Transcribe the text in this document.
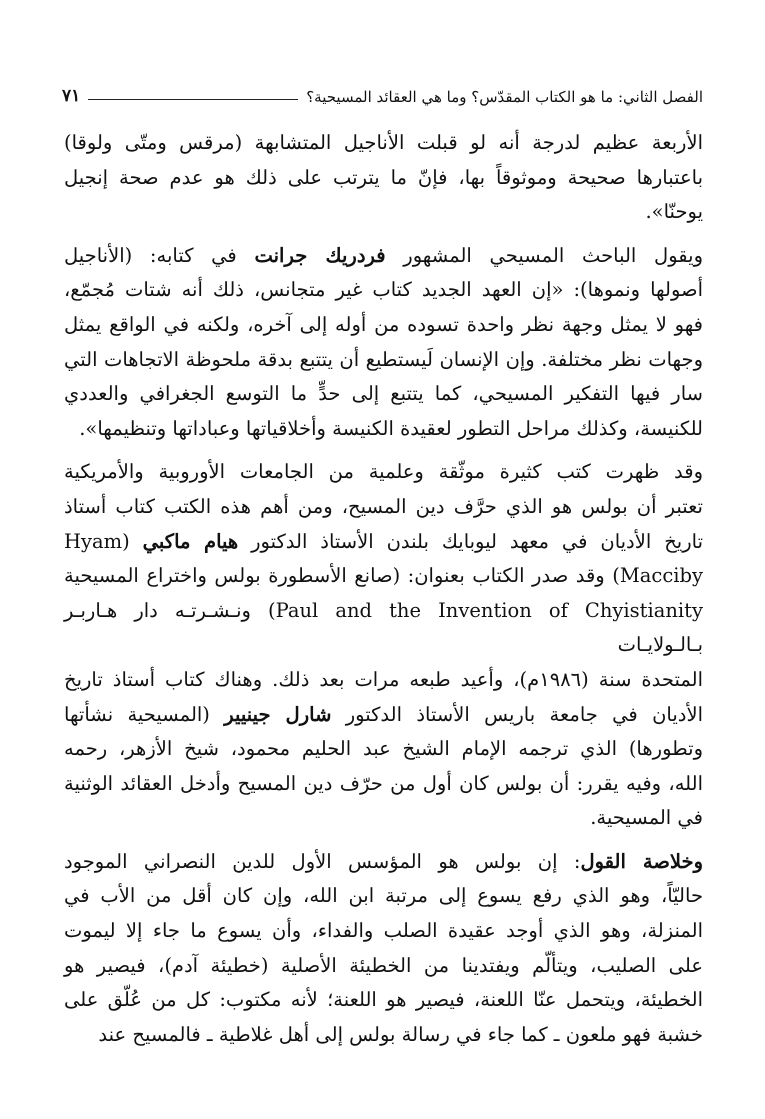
الفصل الثاني: ما هو الكتاب المقدّس؟ وما هي العقائد المسيحية؟
٧١
الأربعة عظيم لدرجة أنه لو قبلت الأناجيل المتشابهة (مرقس ومتّى ولوقا)
باعتبارها صحيحة وموثوقاً بها، فإنّ ما يترتب على ذلك هو عدم صحة إنجيل
يوحنّا».
ويقول الباحث المسيحي المشهور فردريك جرانت في كتابه: (الأناجيل
أصولها ونموها): «إن العهد الجديد كتاب غير متجانس، ذلك أنه شتات مُجمّع،
فهو لا يمثل وجهة نظر واحدة تسوده من أوله إلى آخره، ولكنه في الواقع يمثل
وجهات نظر مختلفة. وإن الإنسان لَيستطيع أن يتتبع بدقة ملحوظة الاتجاهات التي
سار فيها التفكير المسيحي، كما يتتبع إلى حدٍّ ما التوسع الجغرافي والعددي
للكنيسة، وكذلك مراحل التطور لعقيدة الكنيسة وأخلاقياتها وعباداتها وتنظيمها».
وقد ظهرت كتب كثيرة موثّقة وعلمية من الجامعات الأوروبية والأمريكية
تعتبر أن بولس هو الذي حرَّف دين المسيح، ومن أهم هذه الكتب كتاب أستاذ
تاريخ الأديان في معهد ليوبايك بلندن الأستاذ الدكتور هيام ماكبي (Hyam
Macciby) وقد صدر الكتاب بعنوان: (صانع الأسطورة بولس واختراع المسيحية
Paul and the Invention of Chyistianity) ونـشـرتـه دار هـاربـر بـالـولايـات
المتحدة سنة (١٩٨٦م)، وأعيد طبعه مرات بعد ذلك. وهناك كتاب أستاذ تاريخ
الأديان في جامعة باريس الأستاذ الدكتور شارل جينيير (المسيحية نشأتها
وتطورها) الذي ترجمه الإمام الشيخ عبد الحليم محمود، شيخ الأزهر، رحمه
الله، وفيه يقرر: أن بولس كان أول من حرّف دين المسيح وأدخل العقائد الوثنية
في المسيحية.
وخلاصة القول: إن بولس هو المؤسس الأول للدين النصراني الموجود
حاليّاً، وهو الذي رفع يسوع إلى مرتبة ابن الله، وإن كان أقل من الأب في
المنزلة، وهو الذي أوجد عقيدة الصلب والفداء، وأن يسوع ما جاء إلا ليموت
على الصليب، ويتألّم ويفتدينا من الخطيئة الأصلية (خطيئة آدم)، فيصير هو
الخطيئة، ويتحمل عنّا اللعنة، فيصير هو اللعنة؛ لأنه مكتوب: كل من عُلّق على
خشبة فهو ملعون ـ كما جاء في رسالة بولس إلى أهل غلاطية ـ فالمسيح عند
